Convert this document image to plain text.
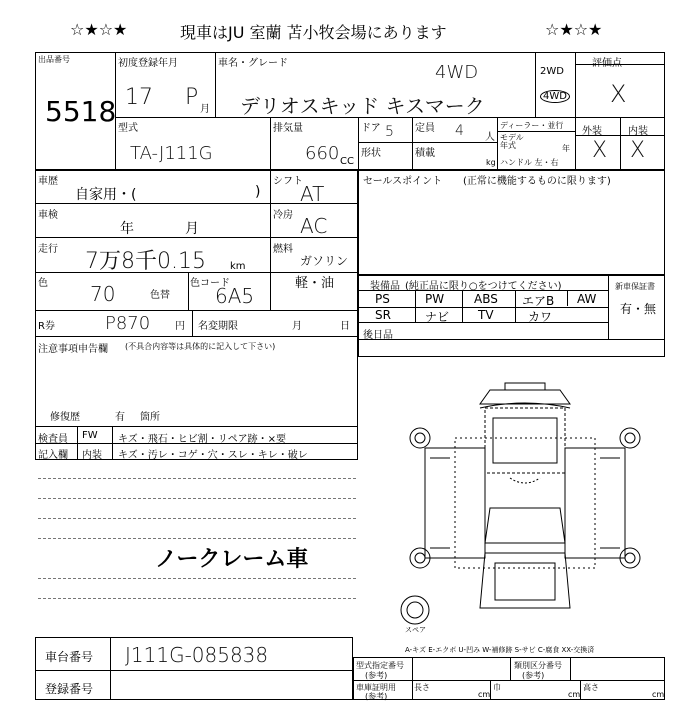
☆★☆★	現車はJU 室蘭 苫小牧会場にあります	☆★☆★
出品番号
5518
初度登録年月
17 P 月
車名・グレード	4WD
デリオスキッド キスマーク
2WD
4WD
評価点
X
型式
TA-J111G
排気量
660 CC
ドア 5 定員 4 人
形状	積載
kg
ディーラー・並行
モデル年式	年
ハンドル 左・右
外装	内装
X X
車歴
自家用・(	)
シフト
AT
車検
年	月
冷房 AC
走行 7万8千0.15 km
燃料
ガソリン
軽・油
色 70	色替
色コード
6A5
R券	P870 円 名変期限	月	日
注意事項申告欄 (不具合内容等は具体的に記入して下さい)
修復歴	有 箇所
検査員
記入欄
FW キズ・飛石・ヒビ割・リペア跡・×要
内装 キズ・汚レ・コゲ・穴・スレ・キレ・破レ
ノークレーム車
セールスポイント (正常に機能するものに限ります)
装備品 (純正品に限り○をつけてください)	新車保証書
有・無
PS	PW ABS エアB AW
SR	ナビ TV	カワ
後日品
スペア
A-キズ E-エクボ U-凹み W-補修跡 S-サビ C-腐食 XX-交換済
車台番号 J111G-085838
登録番号
型式指定番号
(参考)
類別区分番号
(参考)
車庫証明用
(参考)
長さ
cm
巾
cm
高さ
cm
